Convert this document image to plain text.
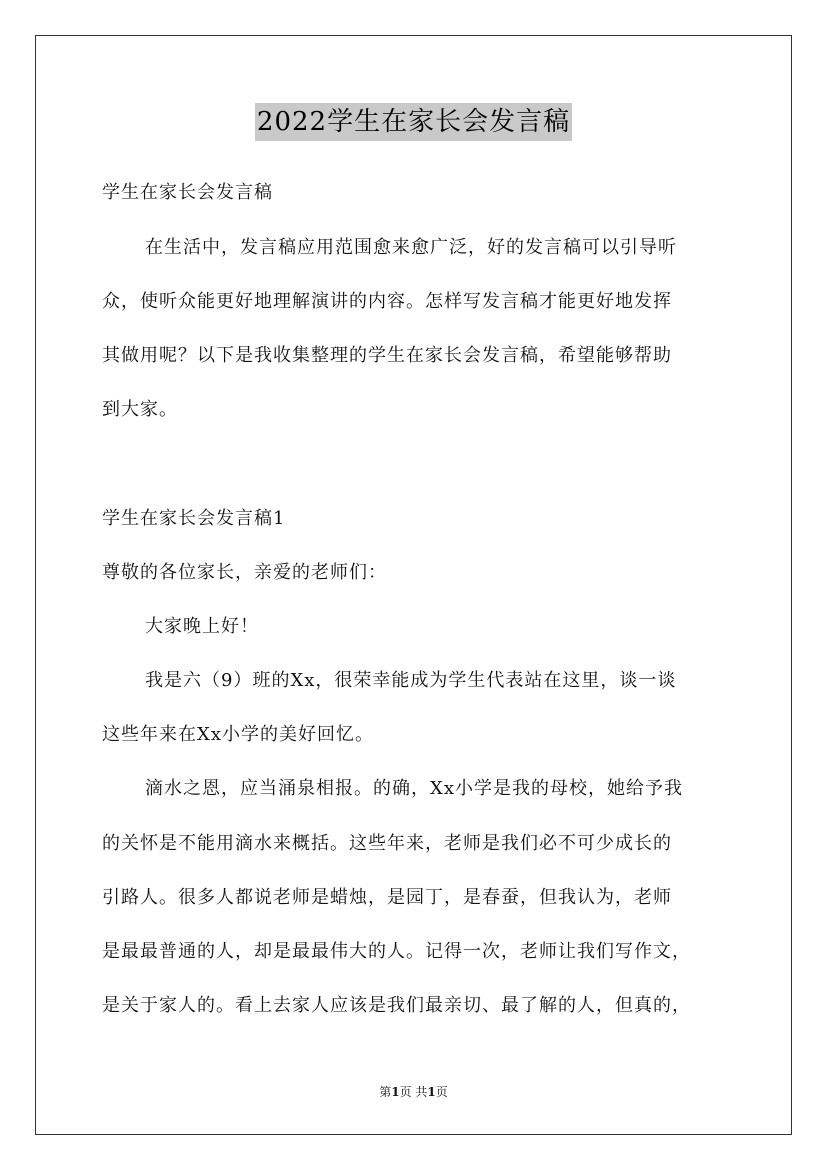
2022学生在家长会发言稿
学生在家长会发言稿
在生活中，发言稿应用范围愈来愈广泛，好的发言稿可以引导听
众，使听众能更好地理解演讲的内容。怎样写发言稿才能更好地发挥
其做用呢？以下是我收集整理的学生在家长会发言稿，希望能够帮助
到大家。
学生在家长会发言稿1
尊敬的各位家长，亲爱的老师们：
大家晚上好！
我是六（9）班的Xx，很荣幸能成为学生代表站在这里，谈一谈
这些年来在Xx小学的美好回忆。
滴水之恩，应当涌泉相报。的确，Xx小学是我的母校，她给予我
的关怀是不能用滴水来概括。这些年来，老师是我们必不可少成长的
引路人。很多人都说老师是蜡烛，是园丁，是春蚕，但我认为，老师
是最最普通的人，却是最最伟大的人。记得一次，老师让我们写作文，
是关于家人的。看上去家人应该是我们最亲切、最了解的人，但真的，
第1页 共1页
